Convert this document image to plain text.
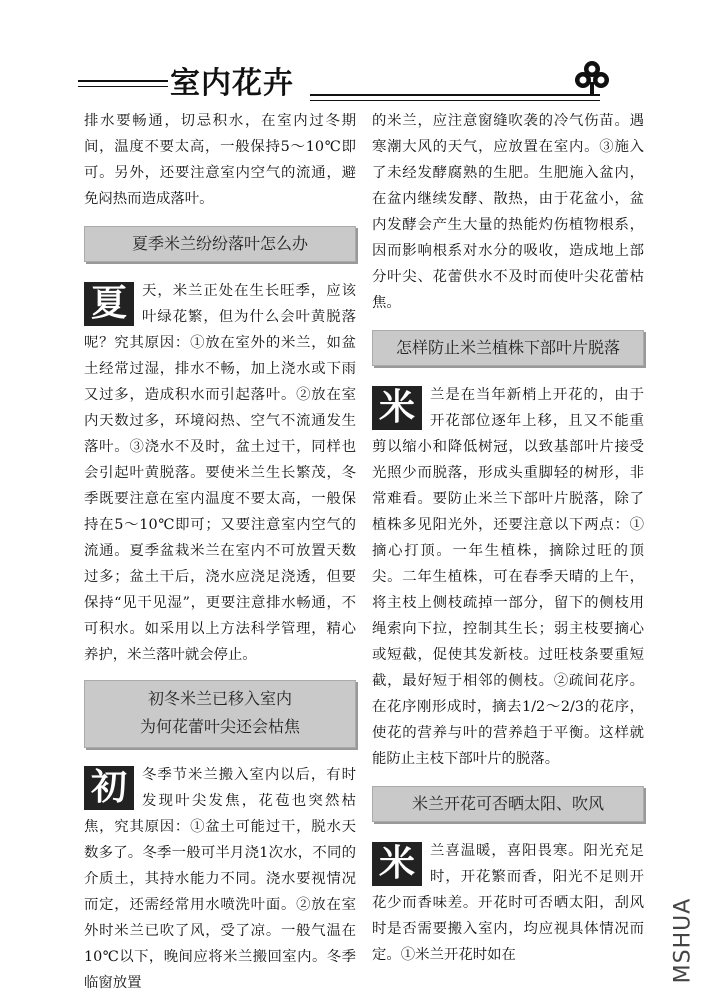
室内花卉

排水要畅通，切忌积水，在室内过冬期间，温度不要太高，一般保持5～10℃即可。另外，还要注意室内空气的流通，避免闷热而造成落叶。

夏季米兰纷纷落叶怎么办

夏	天，米兰正处在生长旺季，应该叶绿花繁，但为什么会叶黄脱落呢？究其原因：①放在室外的米兰，如盆土经常过湿，排水不畅，加上浇水或下雨又过多，造成积水而引起落叶。②放在室内天数过多，环境闷热、空气不流通发生落叶。③浇水不及时，盆土过干，同样也会引起叶黄脱落。要使米兰生长繁茂，冬季既要注意在室内温度不要太高，一般保持在5～10℃即可；又要注意室内空气的流通。夏季盆栽米兰在室内不可放置天数过多；盆土干后，浇水应浇足浇透，但要保持“见干见湿”，更要注意排水畅通，不可积水。如采用以上方法科学管理，精心养护，米兰落叶就会停止。

初冬米兰已移入室内
为何花蕾叶尖还会枯焦

初	冬季节米兰搬入室内以后，有时发现叶尖发焦，花苞也突然枯焦，究其原因：①盆土可能过干，脱水天数多了。冬季一般可半月浇1次水，不同的介质土，其持水能力不同。浇水要视情况而定，还需经常用水喷洗叶面。②放在室外时米兰已吹了风，受了凉。一般气温在10℃以下，晚间应将米兰搬回室内。冬季临窗放置

的米兰，应注意窗缝吹袭的冷气伤苗。遇寒潮大风的天气，应放置在室内。③施入了未经发酵腐熟的生肥。生肥施入盆内，在盆内继续发酵、散热，由于花盆小，盆内发酵会产生大量的热能灼伤植物根系，因而影响根系对水分的吸收，造成地上部分叶尖、花蕾供水不及时而使叶尖花蕾枯焦。

怎样防止米兰植株下部叶片脱落

米	兰是在当年新梢上开花的，由于开花部位逐年上移，且又不能重剪以缩小和降低树冠，以致基部叶片接受光照少而脱落，形成头重脚轻的树形，非常难看。要防止米兰下部叶片脱落，除了植株多见阳光外，还要注意以下两点：①摘心打顶。一年生植株，摘除过旺的顶尖。二年生植株，可在春季天晴的上午，将主枝上侧枝疏掉一部分，留下的侧枝用绳索向下拉，控制其生长；弱主枝要摘心或短截，促使其发新枝。过旺枝条要重短截，最好短于相邻的侧枝。②疏间花序。在花序刚形成时，摘去1/2～2/3的花序，使花的营养与叶的营养趋于平衡。这样就能防止主枝下部叶片的脱落。

米兰开花可否晒太阳、吹风

米	兰喜温暖，喜阳畏寒。阳光充足时，开花繁而香，阳光不足则开花少而香味差。开花时可否晒太阳，刮风时是否需要搬入室内，均应视具体情况而定。①米兰开花时如在	MSHUA
